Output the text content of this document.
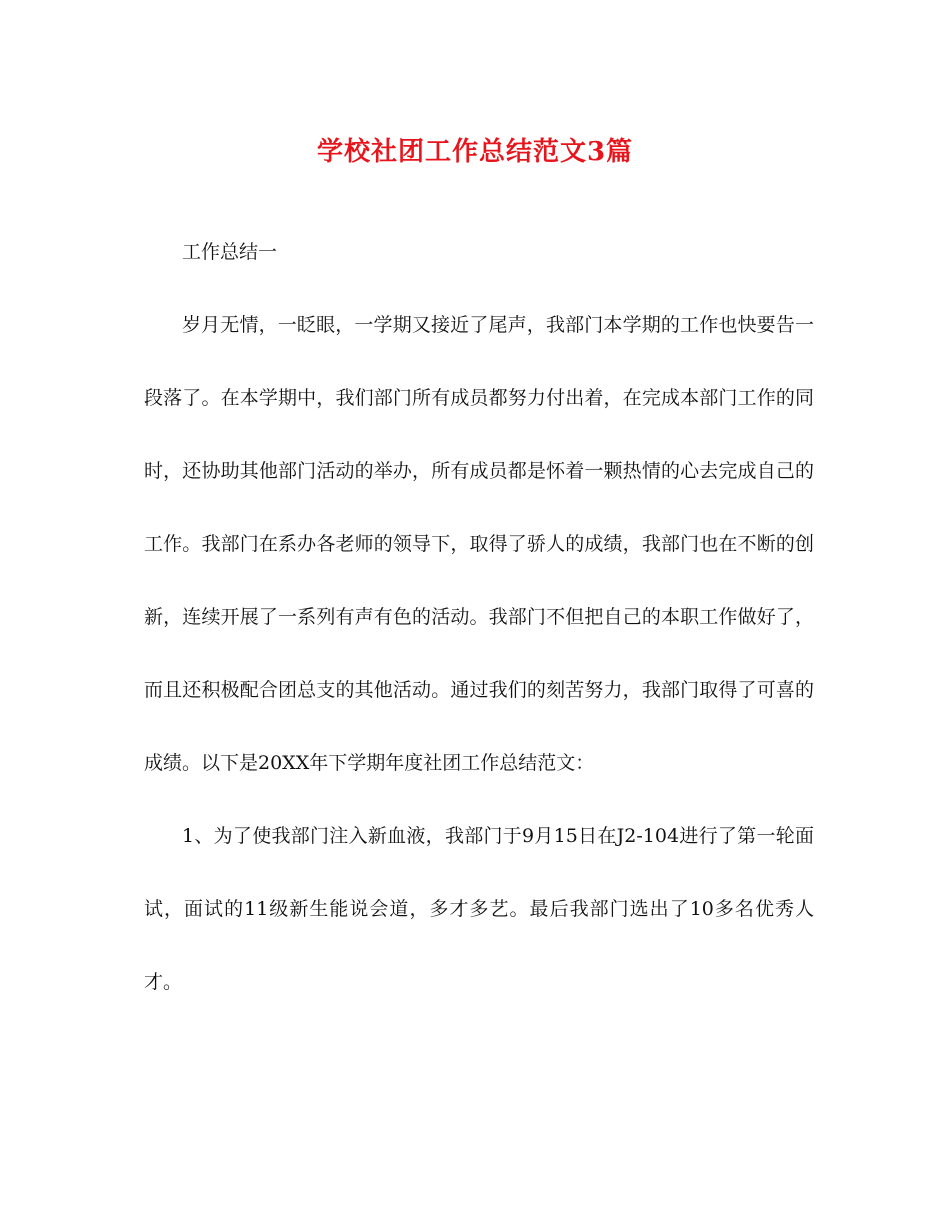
学校社团工作总结范文3篇

工作总结一

岁月无情，一眨眼，一学期又接近了尾声，我部门本学期的工作也快要告一段落了。在本学期中，我们部门所有成员都努力付出着，在完成本部门工作的同时，还协助其他部门活动的举办，所有成员都是怀着一颗热情的心去完成自己的工作。我部门在系办各老师的领导下，取得了骄人的成绩，我部门也在不断的创新，连续开展了一系列有声有色的活动。我部门不但把自己的本职工作做好了，而且还积极配合团总支的其他活动。通过我们的刻苦努力，我部门取得了可喜的成绩。以下是20XX年下学期年度社团工作总结范文：

1、为了使我部门注入新血液，我部门于9月15日在J2-104进行了第一轮面试，面试的11级新生能说会道，多才多艺。最后我部门选出了10多名优秀人才。
